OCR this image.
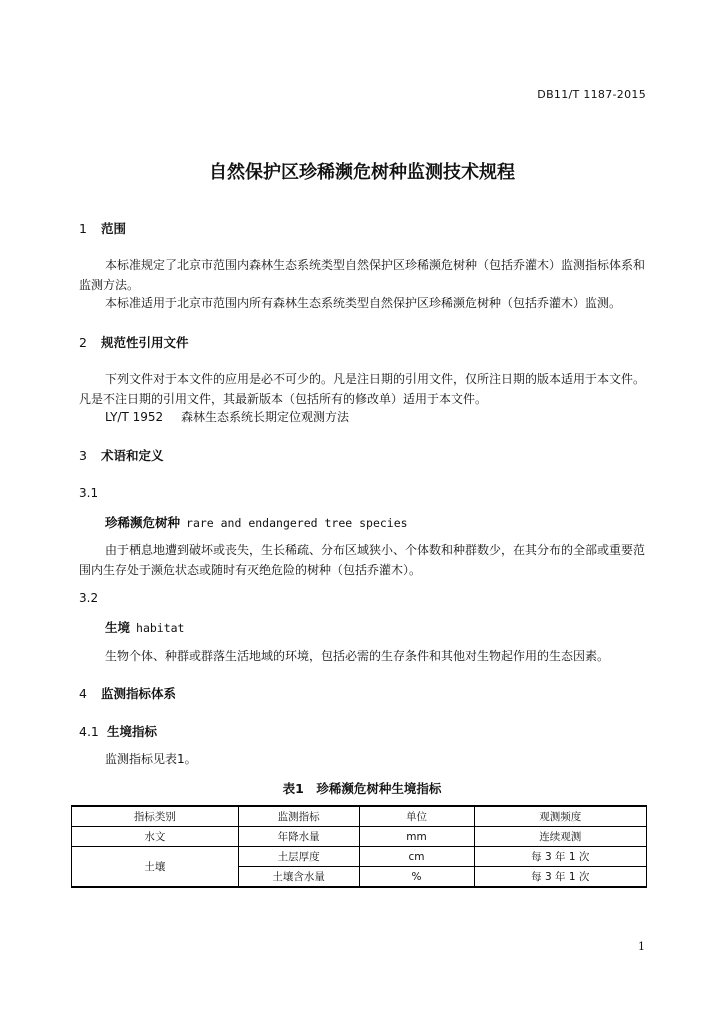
DB11/T 1187-2015
自然保护区珍稀濒危树种监测技术规程
1 范围
本标准规定了北京市范围内森林生态系统类型自然保护区珍稀濒危树种（包括乔灌木）监测指标体系和监测方法。
本标准适用于北京市范围内所有森林生态系统类型自然保护区珍稀濒危树种（包括乔灌木）监测。
2 规范性引用文件
下列文件对于本文件的应用是必不可少的。凡是注日期的引用文件，仅所注日期的版本适用于本文件。凡是不注日期的引用文件，其最新版本（包括所有的修改单）适用于本文件。
LY/T 1952 森林生态系统长期定位观测方法
3 术语和定义
3.1
珍稀濒危树种 rare and endangered tree species
由于栖息地遭到破坏或丧失，生长稀疏、分布区域狭小、个体数和种群数少，在其分布的全部或重要范围内生存处于濒危状态或随时有灭绝危险的树种（包括乔灌木）。
3.2
生境 habitat
生物个体、种群或群落生活地域的环境，包括必需的生存条件和其他对生物起作用的生态因素。
4 监测指标体系
4.1 生境指标
监测指标见表1。
表1　珍稀濒危树种生境指标
指标类别	监测指标	单位	观测频度
水文	年降水量	mm	连续观测
土壤	土层厚度	cm	每 3 年 1 次
	土壤含水量	%	每 3 年 1 次
1
